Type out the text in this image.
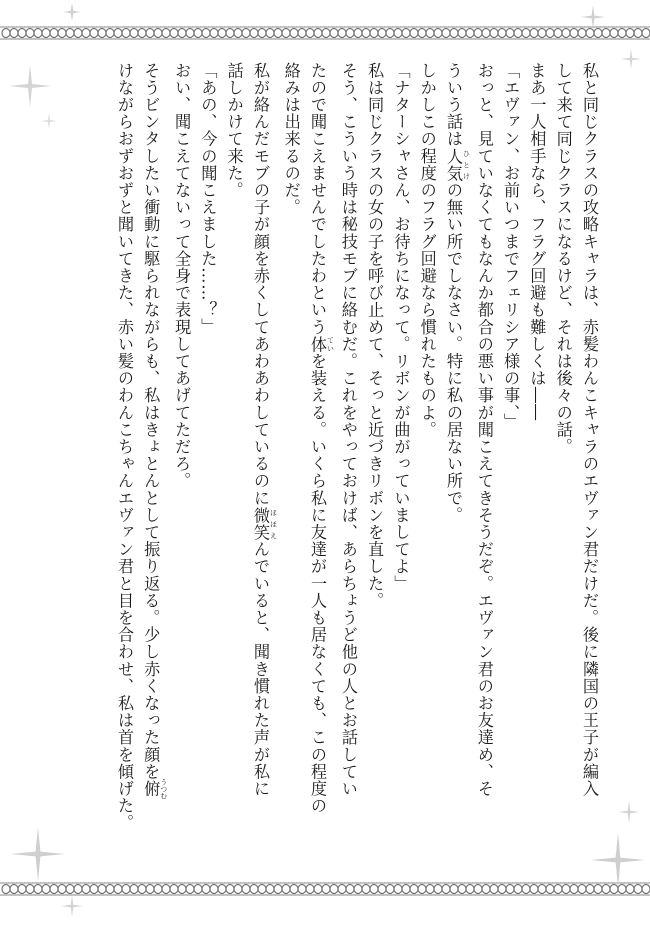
私と同じクラスの攻略キャラは、赤髪わんこキャラのエヴァン君だけだ。後に隣国の王子が編入
して来て同じクラスになるけど、それは後々の話。
まあ一人相手なら、フラグ回避も難しくは――
「エヴァン、お前いつまでフェリシア様の事、」
おっと、見ていなくてもなんか都合の悪い事が聞こえてきそうだぞ。エヴァン君のお友達め、そ
ういう話は人気 ひとけの無い所でしなさい。特に私の居ない所で。
しかしこの程度のフラグ回避なら慣れたものよ。
「ナターシャさん、お待ちになって。リボンが曲がっていましてよ」
私は同じクラスの女の子を呼び止めて、そっと近づきリボンを直した。
そう、こういう時は秘技モブに絡むだ。これをやっておけば、あらちょうど他の人とお話してい
たので聞こえませんでしたわという体 ていを装える。いくら私に友達が一人も居なくても、この程度の
絡みは出来るのだ。
私が絡んだモブの子が顔を赤くしてあわあわしているのに微笑 ほほえんでいると、聞き慣れた声が私に
話しかけて来た。
「あの、今の聞こえました……？」
おい、聞こえてないって全身で表現してあげてただろ。
そうビンタしたい衝動に駆られながらも、私はきょとんとして振り返る。少し赤くなった顔を俯 うつむ
けながらおずおずと聞いてきた、赤い髪のわんこちゃんエヴァン君と目を合わせ、私は首を傾げた。
